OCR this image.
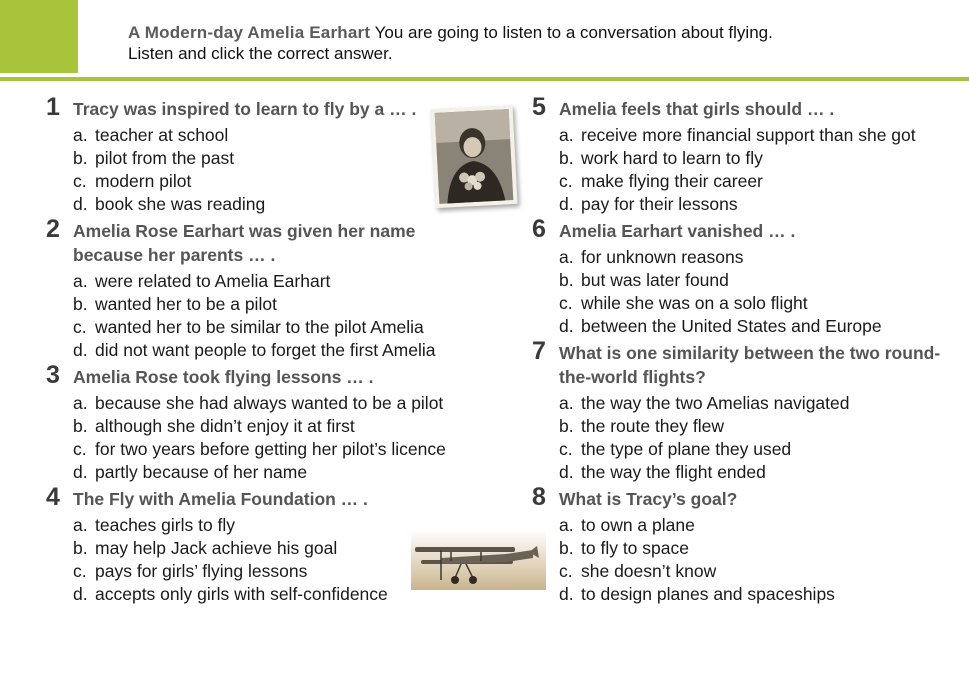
A Modern-day Amelia Earhart You are going to listen to a conversation about flying.
Listen and click the correct answer.
1 Tracy was inspired to learn to fly by a … .
a. teacher at school
b. pilot from the past
c. modern pilot
d. book she was reading
2 Amelia Rose Earhart was given her name because her parents … .
a. were related to Amelia Earhart
b. wanted her to be a pilot
c. wanted her to be similar to the pilot Amelia
d. did not want people to forget the first Amelia
3 Amelia Rose took flying lessons … .
a. because she had always wanted to be a pilot
b. although she didn’t enjoy it at first
c. for two years before getting her pilot’s licence
d. partly because of her name
4 The Fly with Amelia Foundation … .
a. teaches girls to fly
b. may help Jack achieve his goal
c. pays for girls’ flying lessons
d. accepts only girls with self-confidence
5 Amelia feels that girls should … .
a. receive more financial support than she got
b. work hard to learn to fly
c. make flying their career
d. pay for their lessons
6 Amelia Earhart vanished … .
a. for unknown reasons
b. but was later found
c. while she was on a solo flight
d. between the United States and Europe
7 What is one similarity between the two round-the-world flights?
a. the way the two Amelias navigated
b. the route they flew
c. the type of plane they used
d. the way the flight ended
8 What is Tracy’s goal?
a. to own a plane
b. to fly to space
c. she doesn’t know
d. to design planes and spaceships
